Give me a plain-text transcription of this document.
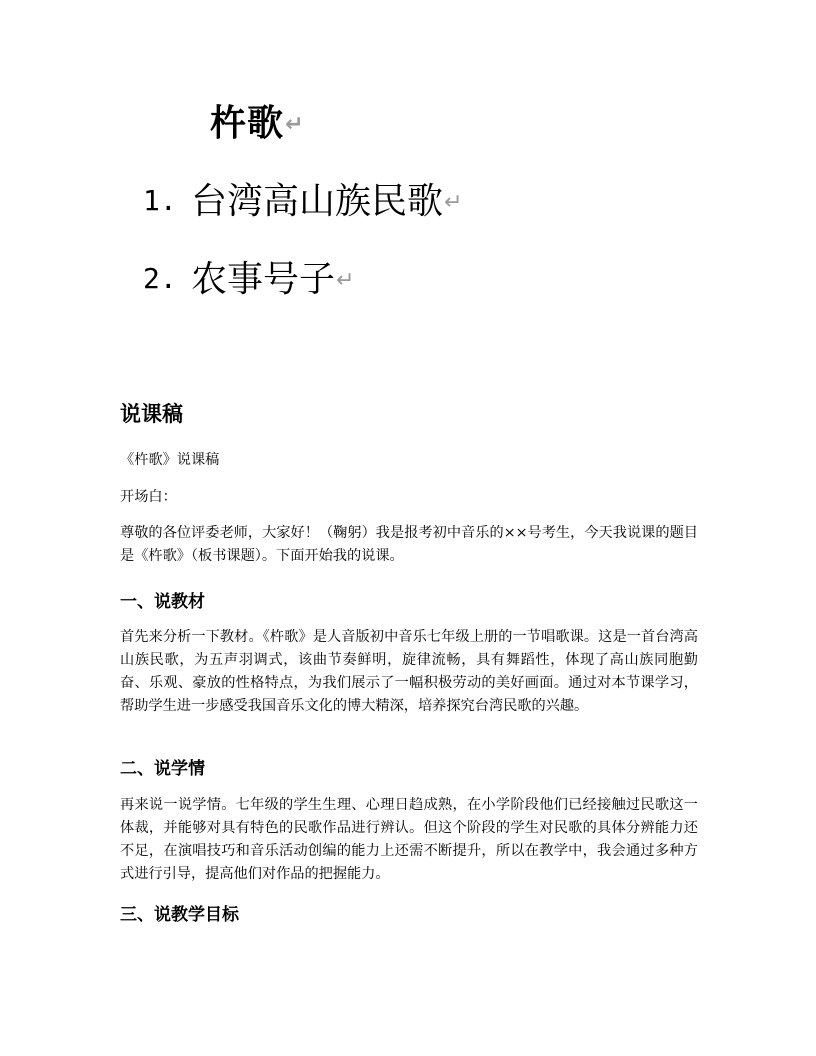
杵歌↵
1. 台湾高山族民歌↵
2. 农事号子↵
说课稿

《杵歌》说课稿

开场白：

尊敬的各位评委老师，大家好！（鞠躬）我是报考初中音乐的××号考生，今天我说课的题目是《杵歌》（板书课题）。下面开始我的说课。

一、说教材

首先来分析一下教材。《杵歌》是人音版初中音乐七年级上册的一节唱歌课。这是一首台湾高山族民歌，为五声羽调式，该曲节奏鲜明，旋律流畅，具有舞蹈性，体现了高山族同胞勤奋、乐观、豪放的性格特点，为我们展示了一幅积极劳动的美好画面。通过对本节课学习，帮助学生进一步感受我国音乐文化的博大精深，培养探究台湾民歌的兴趣。

二、说学情

再来说一说学情。七年级的学生生理、心理日趋成熟，在小学阶段他们已经接触过民歌这一体裁，并能够对具有特色的民歌作品进行辨认。但这个阶段的学生对民歌的具体分辨能力还不足，在演唱技巧和音乐活动创编的能力上还需不断提升，所以在教学中，我会通过多种方式进行引导，提高他们对作品的把握能力。

三、说教学目标
